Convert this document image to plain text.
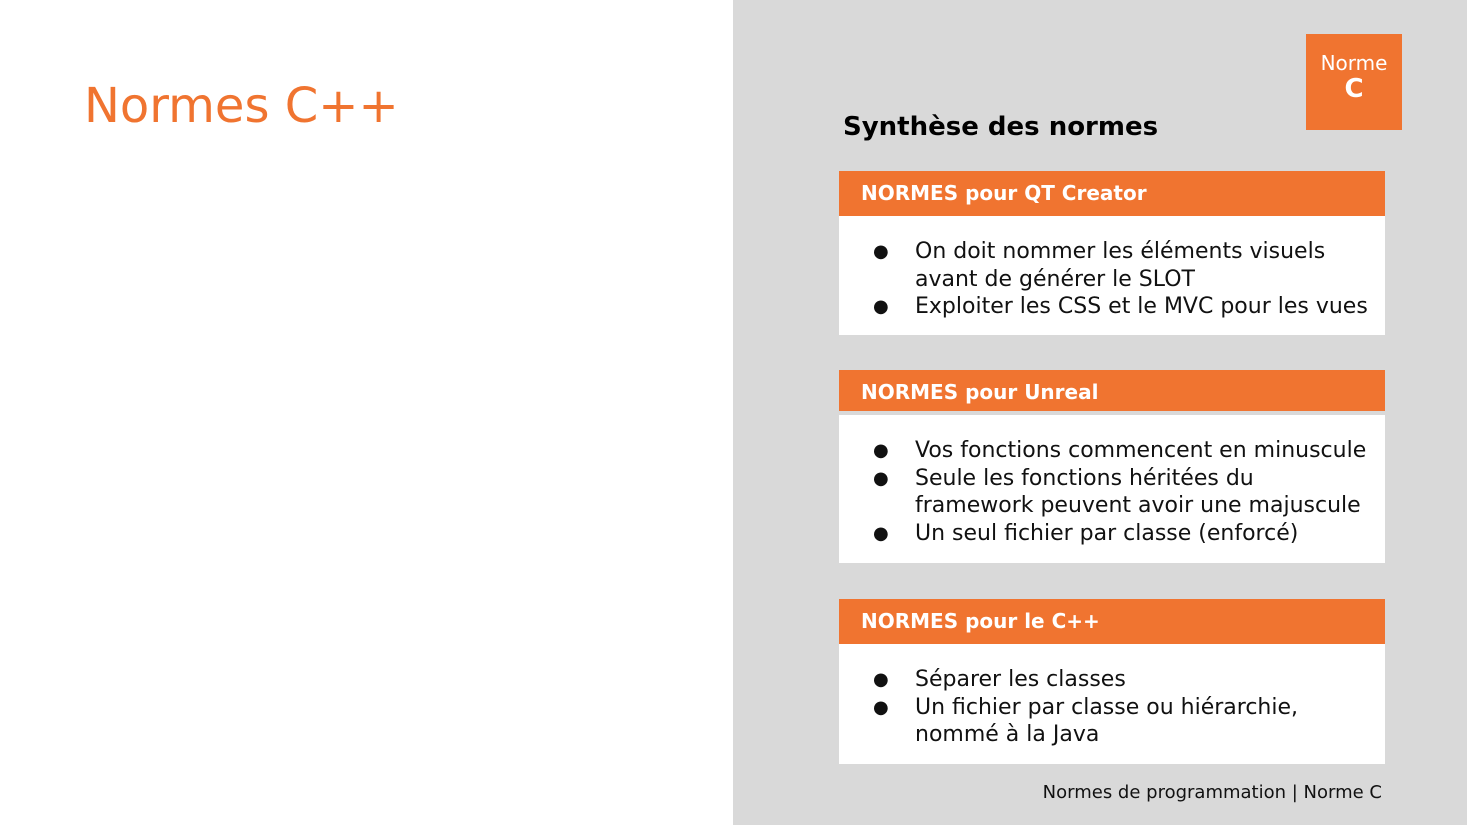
Normes C++
Norme
C
Synthèse des normes
NORMES pour QT Creator
● On doit nommer les éléments visuels avant de générer le SLOT
● Exploiter les CSS et le MVC pour les vues
NORMES pour Unreal
● Vos fonctions commencent en minuscule
● Seule les fonctions héritées du framework peuvent avoir une majuscule
● Un seul fichier par classe (enforcé)
NORMES pour le C++
● Séparer les classes
● Un fichier par classe ou hiérarchie, nommé à la Java
Normes de programmation | Norme C
